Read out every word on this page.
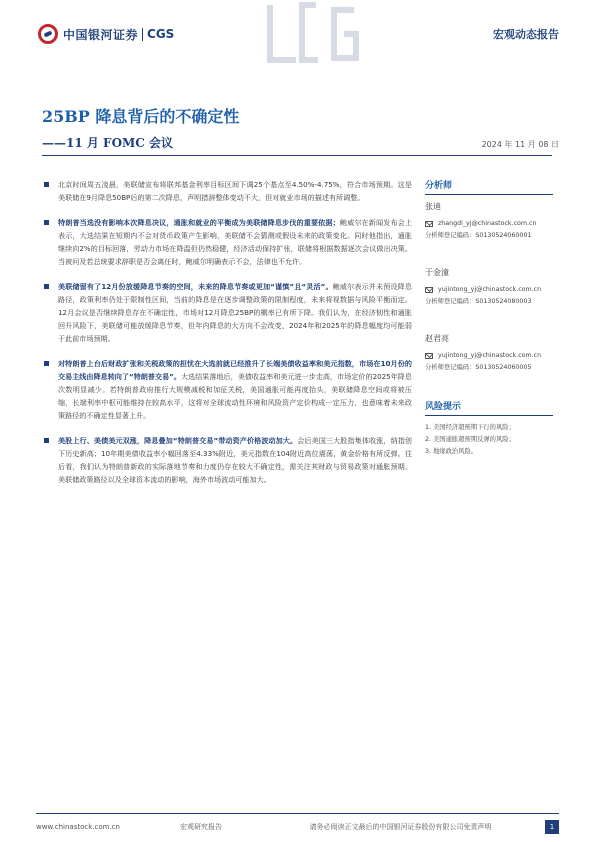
中国银河证券 CGS	宏观动态报告
25BP 降息背后的不确定性
——11 月 FOMC 会议	2024 年 11 月 08 日
北京时间周五凌晨，美联储宣布将联邦基金利率目标区间下调25个基点至4.50%-4.75%，符合市场预期。这是美联储在9月降息50BP后的第二次降息，声明措辞整体变动不大，但对就业市场的描述有所调整。
特朗普当选没有影响本次降息决议，通胀和就业的平衡成为美联储降息步伐的重要依据；鲍威尔在新闻发布会上表示，大选结果在短期内不会对货币政策产生影响，美联储不会猜测或假设未来的政策变化。同时他指出，通胀继续向2%的目标回落，劳动力市场在降温但仍然稳健，经济活动保持扩张，联储将根据数据逐次会议做出决策。当被问及若总统要求辞职是否会离任时，鲍威尔明确表示不会，法律也不允许。
美联储留有了12月份放缓降息节奏的空间，未来的降息节奏或更加“谨慎”且“灵活”。鲍威尔表示并未预设降息路径，政策利率仍处于限制性区间，当前的降息是在逐步调整政策的限制程度，未来将视数据与风险平衡而定。12月会议是否继续降息存在不确定性，市场对12月降息25BP的概率已有所下降。我们认为，在经济韧性和通胀回升风险下，美联储可能放缓降息节奏，但年内降息的大方向不会改变，2024年和2025年的降息幅度均可能弱于此前市场预期。
对特朗普上台后财政扩张和关税政策的担忧在大选前就已经推升了长端美债收益率和美元指数，市场在10月份的交易主线由降息转向了“特朗普交易”。大选结果落地后，美债收益率和美元进一步走高，市场定价的2025年降息次数明显减少。若特朗普政府推行大规模减税和加征关税，美国通胀可能再度抬头，美联储降息空间或将被压缩，长端利率中枢可能维持在较高水平，这将对全球流动性环境和风险资产定价构成一定压力，也意味着未来政策路径的不确定性显著上升。
美股上行、美债美元双涨，降息叠加“特朗普交易”带动资产价格波动加大。会后美国三大股指集体收涨，纳指创下历史新高；10年期美债收益率小幅回落至4.33%附近，美元指数在104附近高位震荡，黄金价格有所反弹。往后看，我们认为特朗普新政的实际落地节奏和力度仍存在较大不确定性，需关注其财政与贸易政策对通胀预期、美联储政策路径以及全球资本流动的影响，海外市场波动可能加大。
分析师
张迪
zhangdi_yj@chinastock.com.cn
分析师登记编码：S0130524060001
于金潼
yujintong_yj@chinastock.com.cn
分析师登记编码：S0130524080003
赵君亮
yujintong_yj@chinastock.com.cn
分析师登记编码：S0130524060005
风险提示
1. 美国经济超预期下行的风险；
2. 美国通胀超预期反弹的风险；
3. 地缘政治风险。
www.chinastock.com.cn	宏观研究报告	请务必阅读正文最后的中国银河证券股份有限公司免责声明	1
